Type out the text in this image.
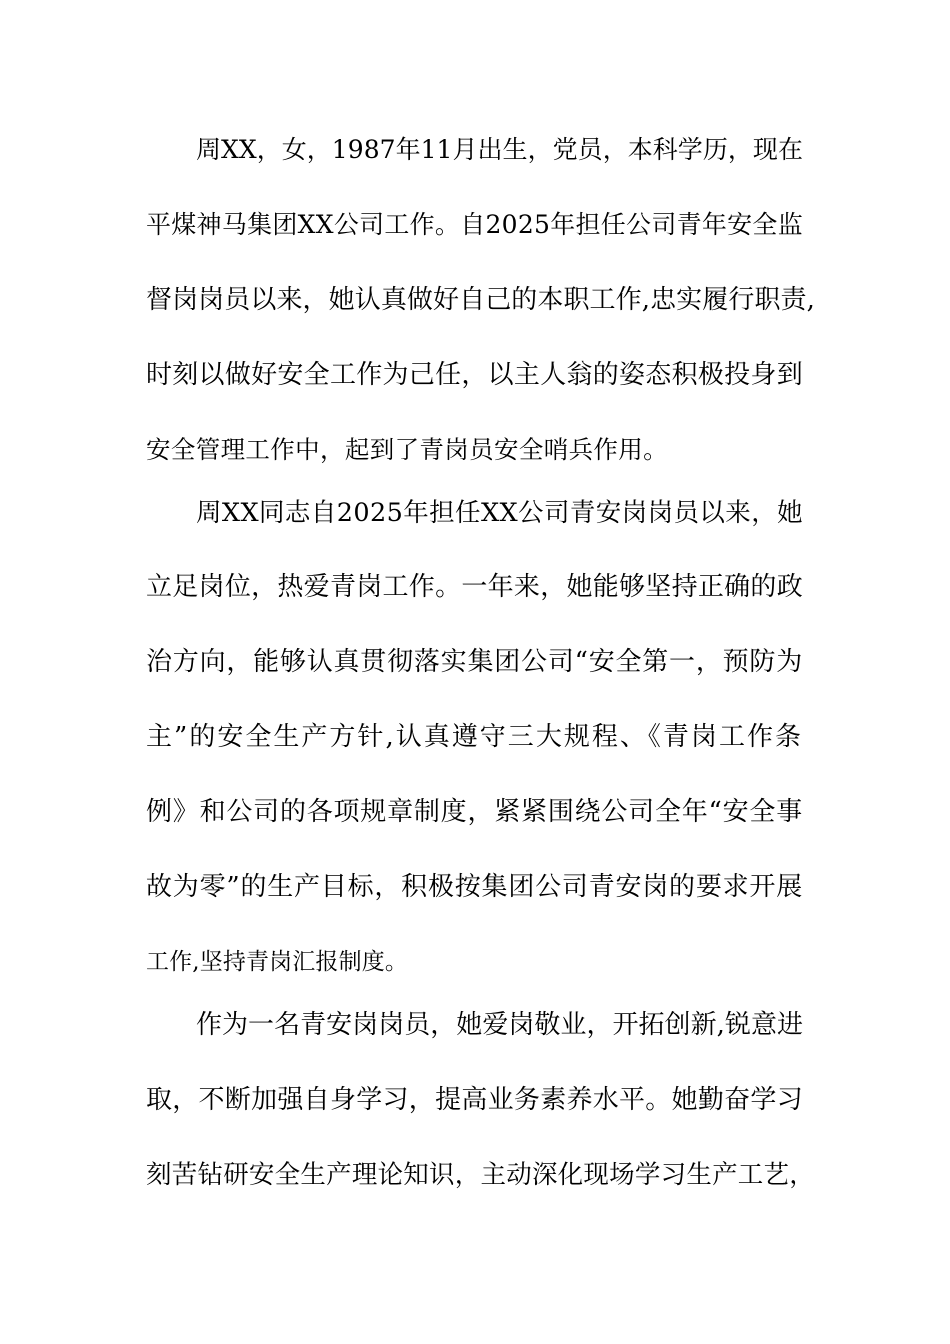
周XX，女，1987年11月出生，党员，本科学历，现在
平煤神马集团XX公司工作。自2025年担任公司青年安全监
督岗岗员以来，她认真做好自己的本职工作,忠实履行职责,
时刻以做好安全工作为己任，以主人翁的姿态积极投身到
安全管理工作中，起到了青岗员安全哨兵作用。
周XX同志自2025年担任XX公司青安岗岗员以来，她
立足岗位，热爱青岗工作。一年来，她能够坚持正确的政
治方向，能够认真贯彻落实集团公司“安全第一，预防为
主”的安全生产方针,认真遵守三大规程、《青岗工作条
例》和公司的各项规章制度，紧紧围绕公司全年“安全事
故为零”的生产目标，积极按集团公司青安岗的要求开展
工作,坚持青岗汇报制度。
作为一名青安岗岗员，她爱岗敬业，开拓创新,锐意进
取，不断加强自身学习，提高业务素养水平。她勤奋学习
刻苦钻研安全生产理论知识，主动深化现场学习生产工艺，
